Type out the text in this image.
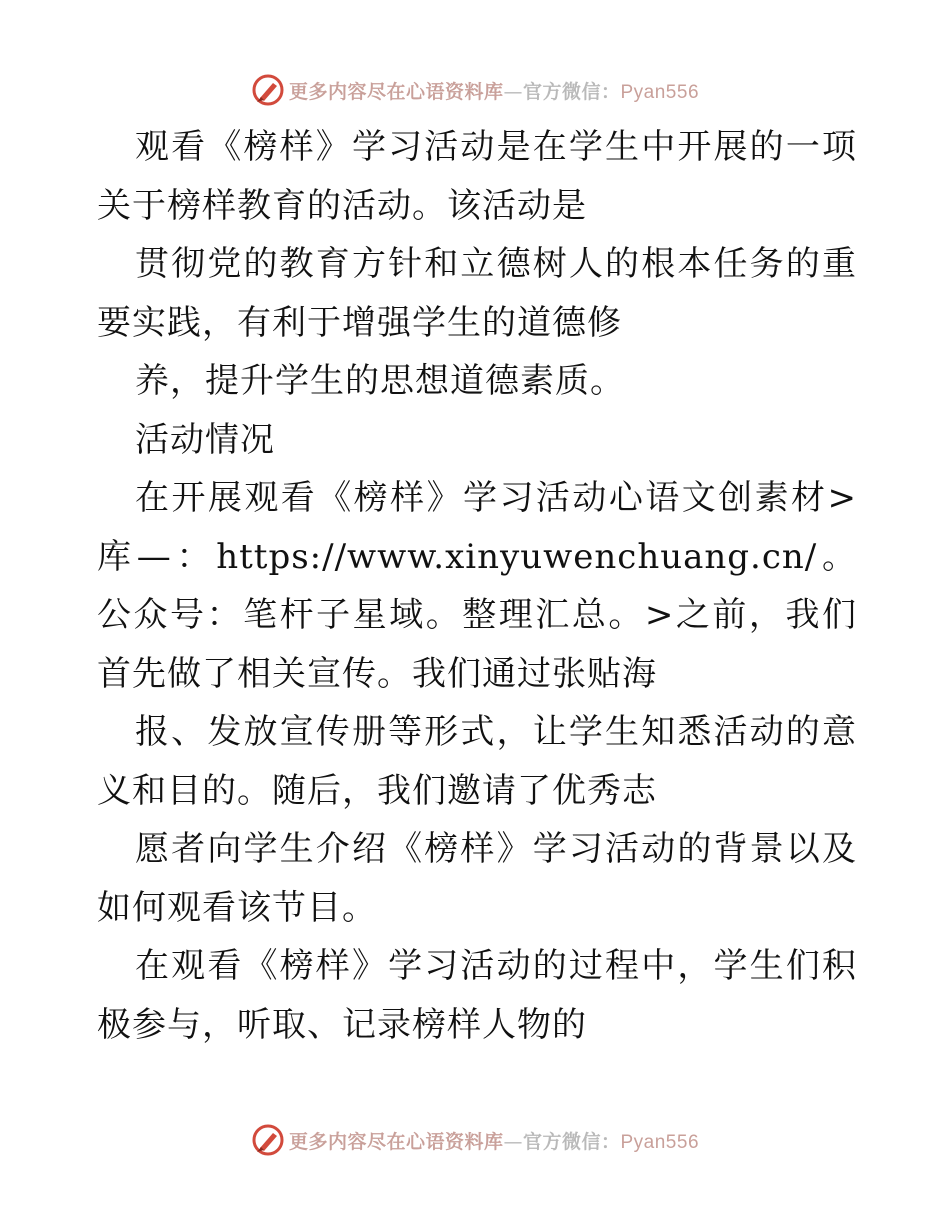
更多内容尽在心语资料库—官方微信：Pyan556

观看《榜样》学习活动是在学生中开展的一项关于榜样教育的活动。该活动是

贯彻党的教育方针和立德树人的根本任务的重要实践，有利于增强学生的道德修

养，提升学生的思想道德素质。

活动情况

在开展观看《榜样》学习活动心语文创素材>库—：https://www.xinyuwenchuang.cn/。公众号：笔杆子星域。整理汇总。>之前，我们首先做了相关宣传。我们通过张贴海

报、发放宣传册等形式，让学生知悉活动的意义和目的。随后，我们邀请了优秀志

愿者向学生介绍《榜样》学习活动的背景以及如何观看该节目。

在观看《榜样》学习活动的过程中，学生们积极参与，听取、记录榜样人物的

更多内容尽在心语资料库—官方微信：Pyan556
